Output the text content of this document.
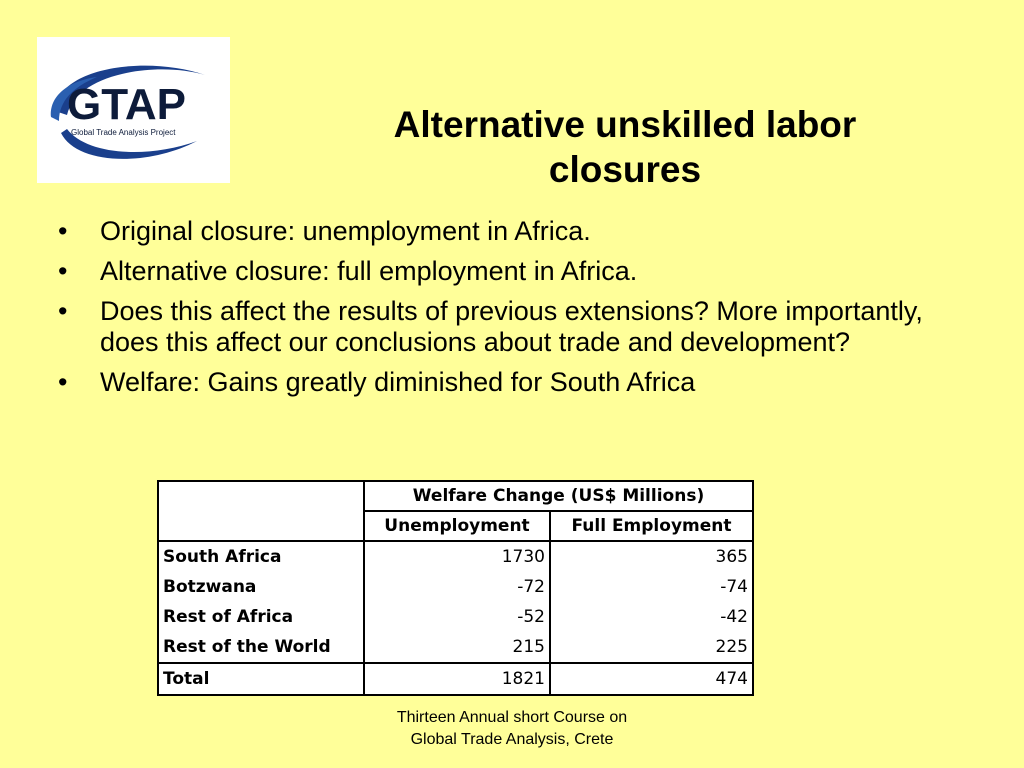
GTAP
Global Trade Analysis Project	Alternative unskilled labor
closures
• Original closure: unemployment in Africa.
• Alternative closure: full employment in Africa.
• Does this affect the results of previous extensions? More importantly, does this affect our conclusions about trade and development?
• Welfare: Gains greatly diminished for South Africa
	Welfare Change (US$ Millions)	
	Unemployment	Full Employment
South Africa	1730	365
Botzwana	-72	-74
Rest of Africa	-52	-42
Rest of the World	215	225
Total	1821	474
Thirteen Annual short Course on
Global Trade Analysis, Crete
